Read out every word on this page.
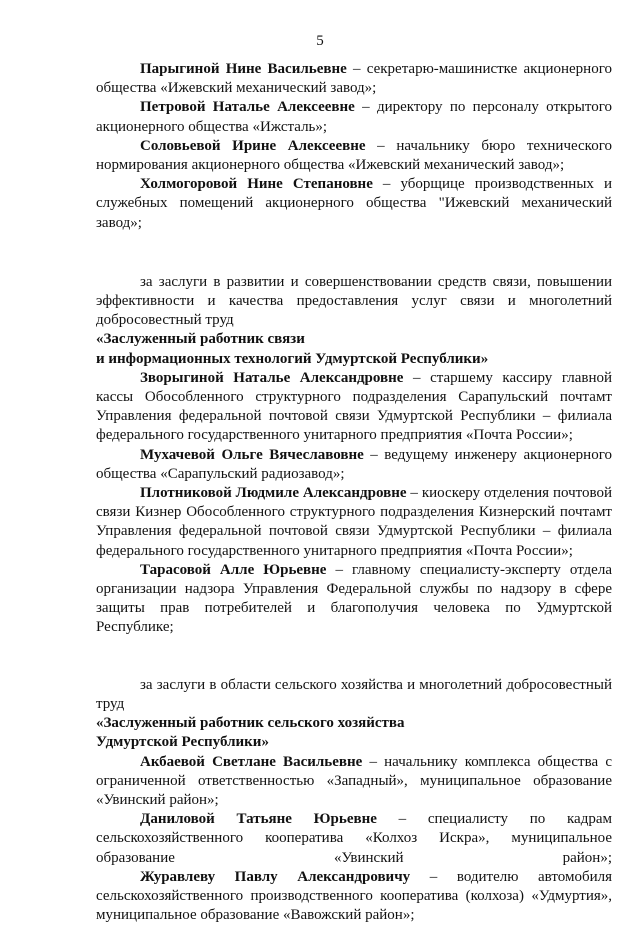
5

Парыгиной Нине Васильевне – секретарю-машинистке акционерного общества «Ижевский механический завод»;

Петровой Наталье Алексеевне – директору по персоналу открытого акционерного общества «Ижсталь»;

Соловьевой Ирине Алексеевне – начальнику бюро технического нормирования акционерного общества «Ижевский механический завод»;

Холмогоровой Нине Степановне – уборщице производственных и служебных помещений акционерного общества "Ижевский механический завод»;

за заслуги в развитии и совершенствовании средств связи, повышении эффективности и качества предоставления услуг связи и многолетний добросовестный труд

«Заслуженный работник связи

и информационных технологий Удмуртской Республики»

Зворыгиной Наталье Александровне – старшему кассиру главной кассы Обособленного структурного подразделения Сарапульский почтамт Управления федеральной почтовой связи Удмуртской Республики – филиала федерального государственного унитарного предприятия «Почта России»;

Мухачевой Ольге Вячеславовне – ведущему инженеру акционерного общества «Сарапульский радиозавод»;

Плотниковой Людмиле Александровне – киоскеру отделения почтовой связи Кизнер Обособленного структурного подразделения Кизнерский почтамт Управления федеральной почтовой связи Удмуртской Республики – филиала федерального государственного унитарного предприятия «Почта России»;

Тарасовой Алле Юрьевне – главному специалисту-эксперту отдела организации надзора Управления Федеральной службы по надзору в сфере защиты прав потребителей и благополучия человека по Удмуртской Республике;

за заслуги в области сельского хозяйства и многолетний добросовестный труд

«Заслуженный работник сельского хозяйства

Удмуртской Республики»

Акбаевой Светлане Васильевне – начальнику комплекса общества с ограниченной ответственностью «Западный», муниципальное образование «Увинский район»;

Даниловой Татьяне Юрьевне – специалисту по кадрам сельскохозяйственного кооператива «Колхоз Искра», муниципальное образование «Увинский район»;

Журавлеву Павлу Александровичу – водителю автомобиля сельскохозяйственного производственного кооператива (колхоза) «Удмуртия», муниципальное образование «Вавожский район»;
